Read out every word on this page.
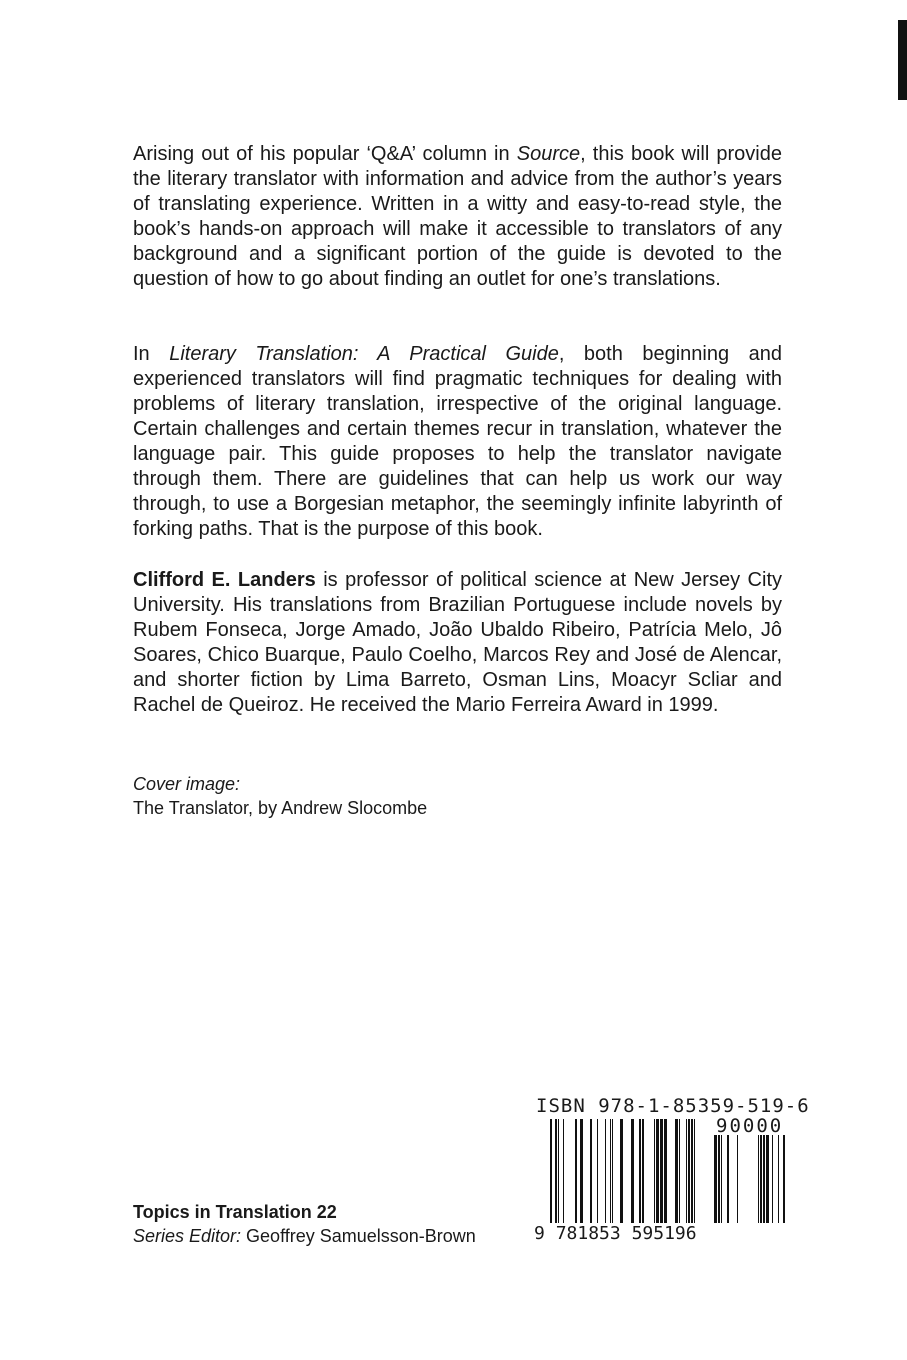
Arising out of his popular ‘Q&A’ column in Source, this book will provide the literary translator with information and advice from the author’s years of translating experience. Written in a witty and easy-to-read style, the book’s hands-on approach will make it accessible to translators of any background and a significant portion of the guide is devoted to the question of how to go about finding an outlet for one’s translations.

In Literary Translation: A Practical Guide, both beginning and experienced translators will find pragmatic techniques for dealing with problems of literary translation, irrespective of the original language. Certain challenges and certain themes recur in translation, whatever the language pair. This guide proposes to help the translator navigate through them. There are guidelines that can help us work our way through, to use a Borgesian metaphor, the seemingly infinite labyrinth of forking paths. That is the purpose of this book.

Clifford E. Landers is professor of political science at New Jersey City University. His translations from Brazilian Portuguese include novels by Rubem Fonseca, Jorge Amado, João Ubaldo Ribeiro, Patrícia Melo, Jô Soares, Chico Buarque, Paulo Coelho, Marcos Rey and José de Alencar, and shorter fiction by Lima Barreto, Osman Lins, Moacyr Scliar and Rachel de Queiroz. He received the Mario Ferreira Award in 1999.

Cover image:
The Translator, by Andrew Slocombe
Topics in Translation 22
Series Editor: Geoffrey Samuelsson-Brown
ISBN 978-1-85359-519-6
90000
9 781853 595196
